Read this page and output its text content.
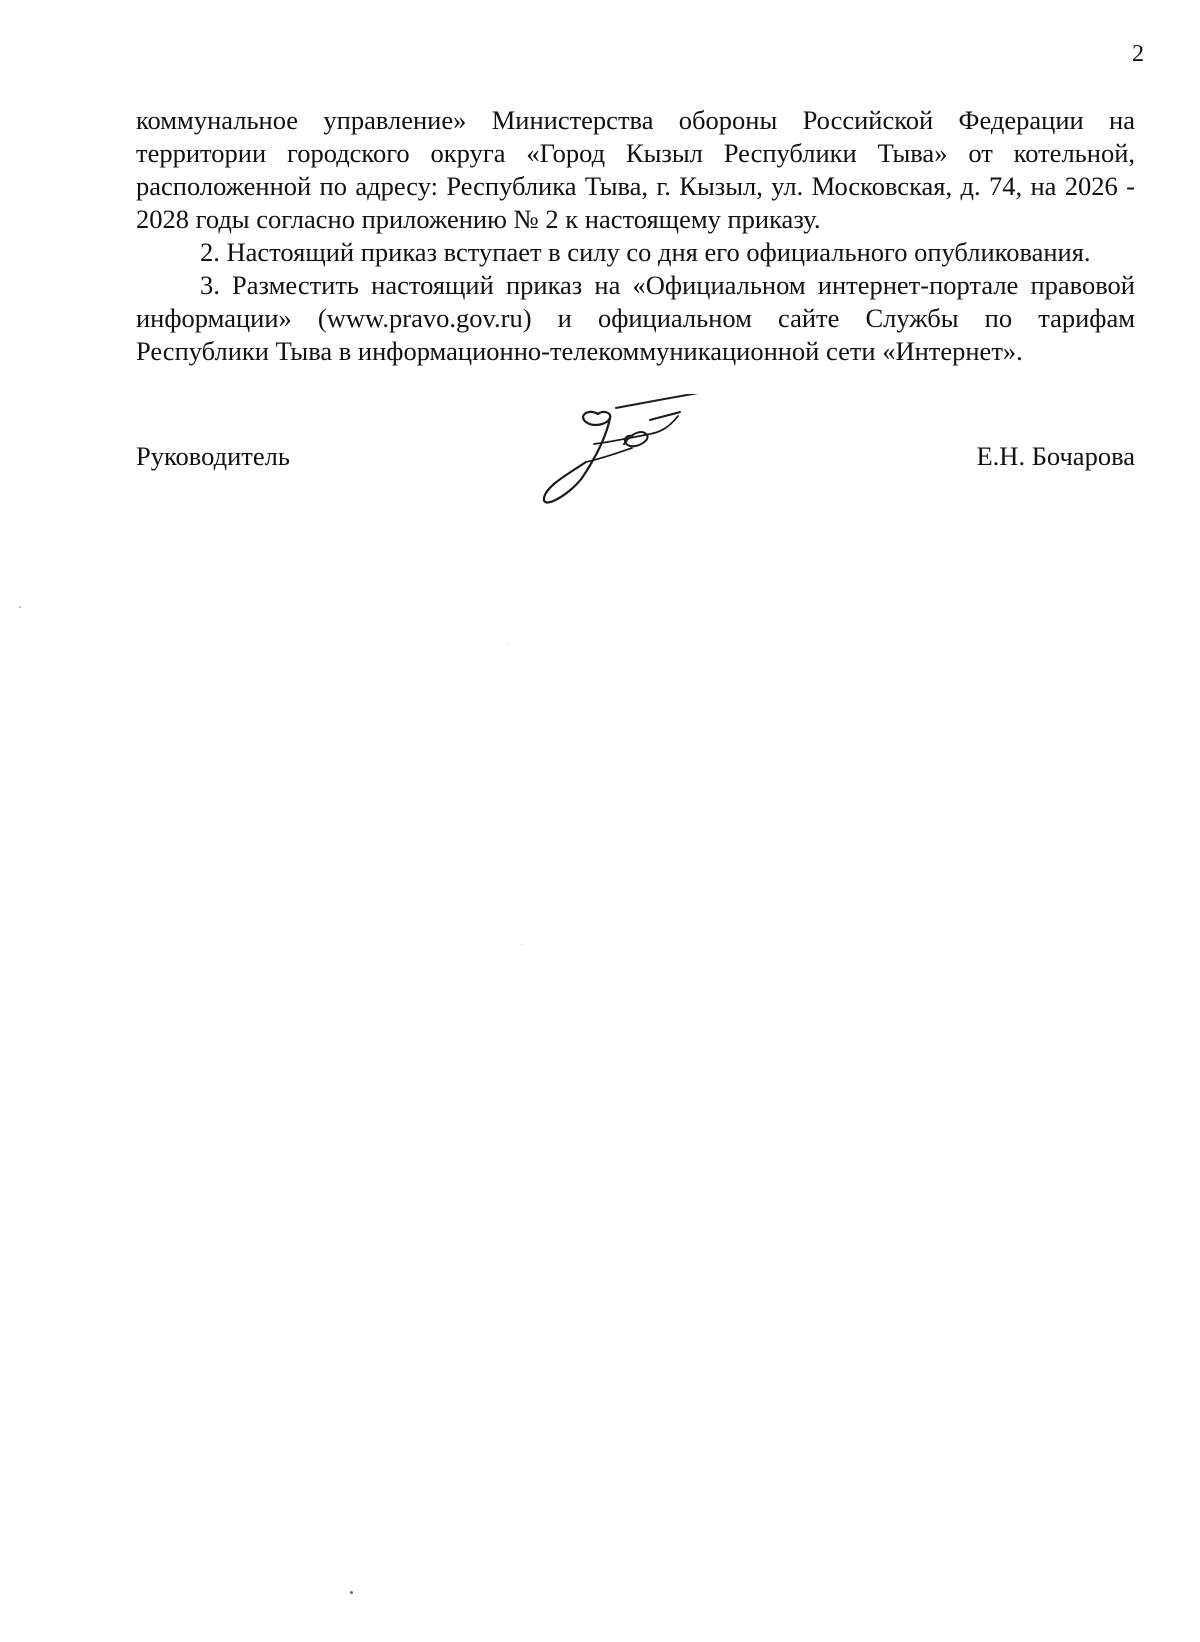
2

коммунальное управление» Министерства обороны Российской Федерации на территории городского округа «Город Кызыл Республики Тыва» от котельной, расположенной по адресу: Республика Тыва, г. Кызыл, ул. Московская, д. 74, на 2026 - 2028 годы согласно приложению № 2 к настоящему приказу.

2. Настоящий приказ вступает в силу со дня его официального опубликования.

3. Разместить настоящий приказ на «Официальном интернет-портале правовой информации» (www.pravo.gov.ru) и официальном сайте Службы по тарифам Республики Тыва в информационно-телекоммуникационной сети «Интернет».

Руководитель	Е.Н. Бочарова
